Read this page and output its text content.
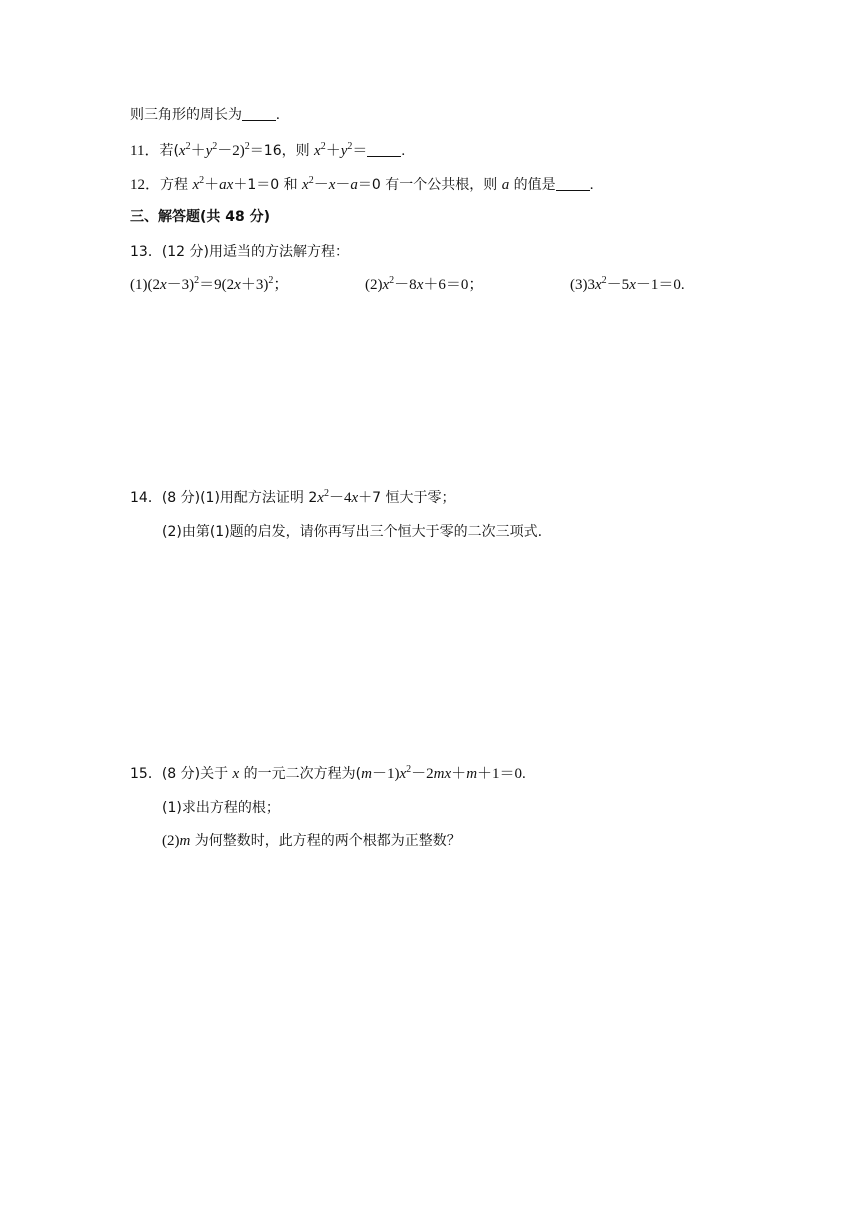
则三角形的周长为 .
11．若$(x^2+y^2-2)^2=16$，则 $x^2+y^2=$ .
12．方程 $x^2+ax+1=0$ 和 $x^2-x-a=0$ 有一个公共根，则 a 的值是 .
三、解答题(共 48 分)
13．(12 分)用适当的方法解方程：
$(1)(2x-3)^2=9(2x+3)^2$；	$(2)x^2-8x+6=0$；	$(3)3x^2-5x-1=0$.
14．(8 分)(1)用配方法证明 $2x^2-4x+7$ 恒大于零；
(2)由第(1)题的启发，请你再写出三个恒大于零的二次三项式.
15．(8 分)关于 x 的一元二次方程为$(m-1)x^2-2mx+m+1=0$.
(1)求出方程的根；
(2)m 为何整数时，此方程的两个根都为正整数？
